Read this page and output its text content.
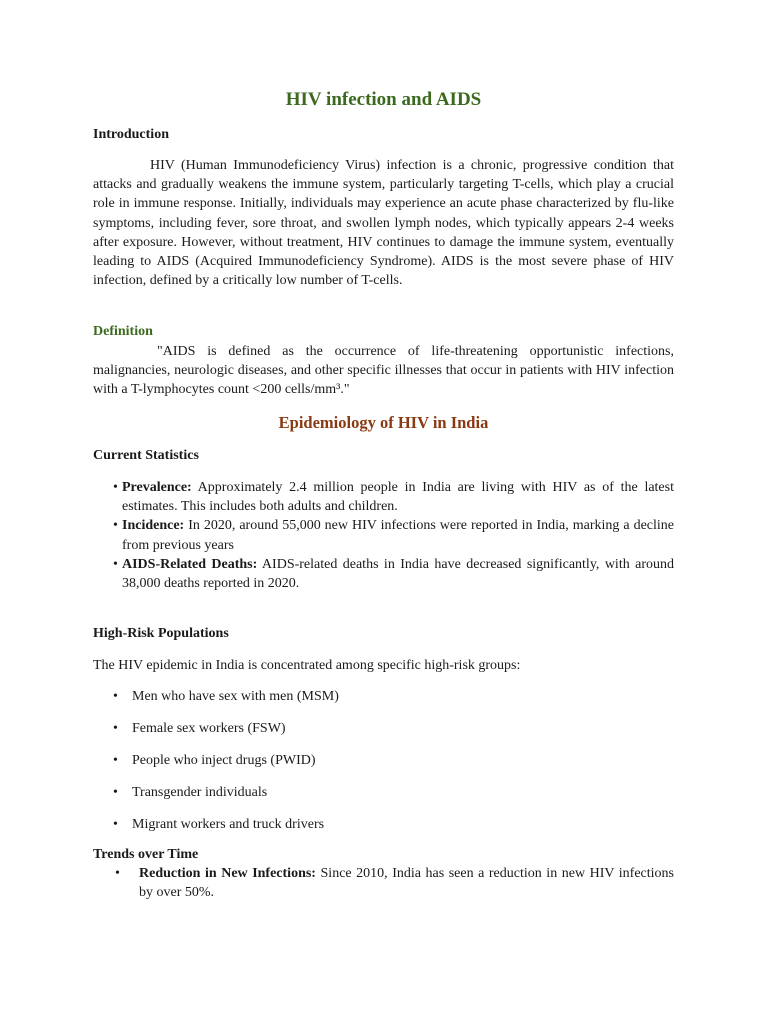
HIV infection and AIDS
Introduction
HIV (Human Immunodeficiency Virus) infection is a chronic, progressive condition that attacks and gradually weakens the immune system, particularly targeting T-cells, which play a crucial role in immune response. Initially, individuals may experience an acute phase characterized by flu-like symptoms, including fever, sore throat, and swollen lymph nodes, which typically appears 2-4 weeks after exposure. However, without treatment, HIV continues to damage the immune system, eventually leading to AIDS (Acquired Immunodeficiency Syndrome). AIDS is the most severe phase of HIV infection, defined by a critically low number of T-cells.
Definition
"AIDS is defined as the occurrence of life-threatening opportunistic infections, malignancies, neurologic diseases, and other specific illnesses that occur in patients with HIV infection with a T-lymphocytes count <200 cells/mm³."
Epidemiology of HIV in India
Current Statistics
• Prevalence: Approximately 2.4 million people in India are living with HIV as of the latest estimates. This includes both adults and children.
• Incidence: In 2020, around 55,000 new HIV infections were reported in India, marking a decline from previous years
• AIDS-Related Deaths: AIDS-related deaths in India have decreased significantly, with around 38,000 deaths reported in 2020.
High-Risk Populations
The HIV epidemic in India is concentrated among specific high-risk groups:
• Men who have sex with men (MSM)
• Female sex workers (FSW)
• People who inject drugs (PWID)
• Transgender individuals
• Migrant workers and truck drivers
Trends over Time
• Reduction in New Infections: Since 2010, India has seen a reduction in new HIV infections by over 50%.
